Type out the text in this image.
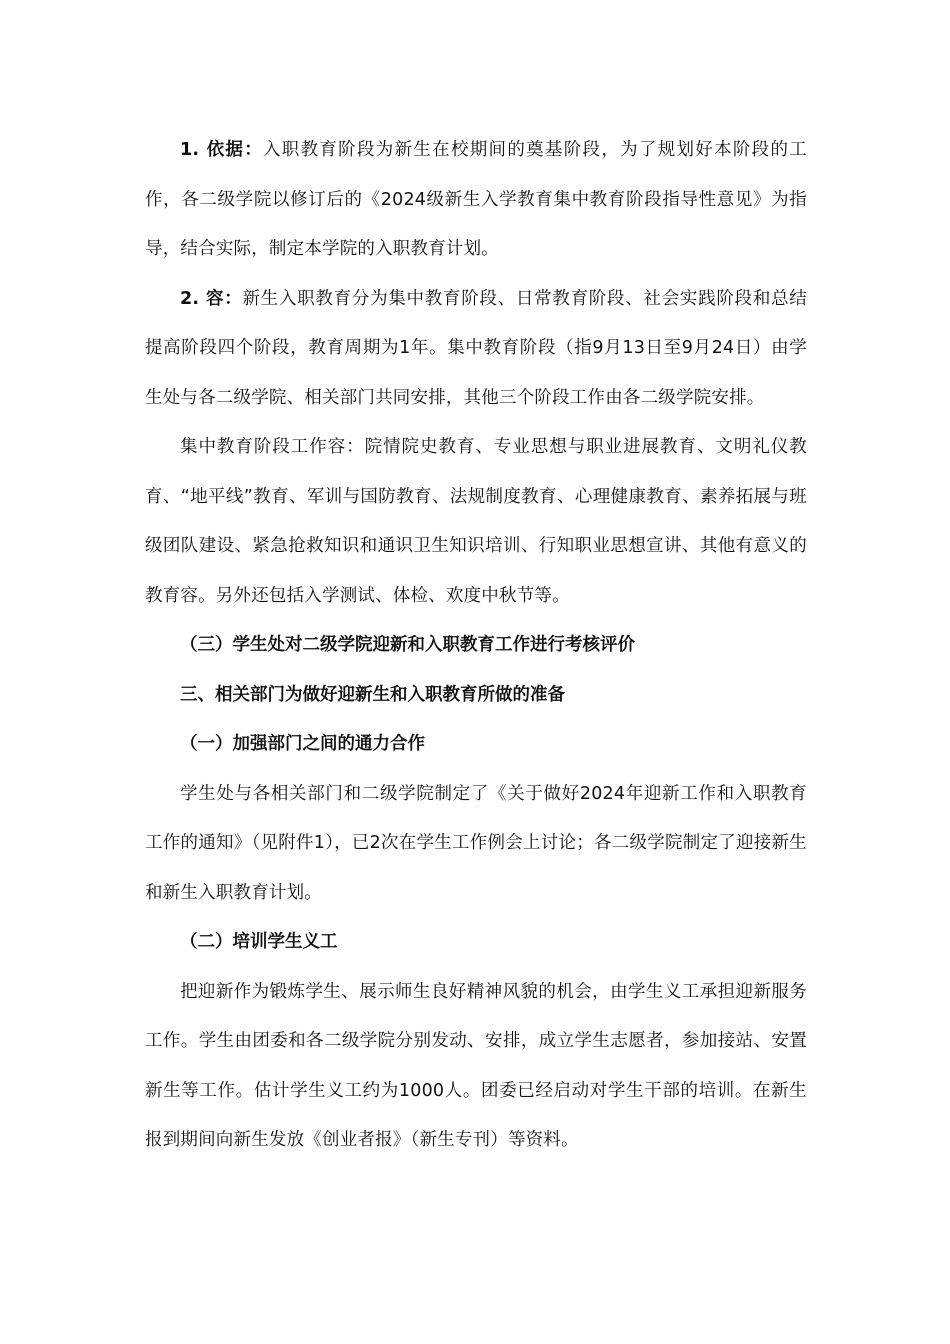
1. 依据：入职教育阶段为新生在校期间的奠基阶段，为了规划好本阶段的工作，各二级学院以修订后的《2024级新生入学教育集中教育阶段指导性意见》为指导，结合实际，制定本学院的入职教育计划。

2. 容：新生入职教育分为集中教育阶段、日常教育阶段、社会实践阶段和总结提高阶段四个阶段，教育周期为1年。集中教育阶段（指9月13日至9月24日）由学生处与各二级学院、相关部门共同安排，其他三个阶段工作由各二级学院安排。

集中教育阶段工作容：院情院史教育、专业思想与职业进展教育、文明礼仪教育、“地平线”教育、军训与国防教育、法规制度教育、心理健康教育、素养拓展与班级团队建设、紧急抢救知识和通识卫生知识培训、行知职业思想宣讲、其他有意义的教育容。另外还包括入学测试、体检、欢度中秋节等。

（三）学生处对二级学院迎新和入职教育工作进行考核评价

三、相关部门为做好迎新生和入职教育所做的准备

（一）加强部门之间的通力合作

学生处与各相关部门和二级学院制定了《关于做好2024年迎新工作和入职教育工作的通知》（见附件1），已2次在学生工作例会上讨论；各二级学院制定了迎接新生和新生入职教育计划。

（二）培训学生义工

把迎新作为锻炼学生、展示师生良好精神风貌的机会，由学生义工承担迎新服务工作。学生由团委和各二级学院分别发动、安排，成立学生志愿者，参加接站、安置新生等工作。估计学生义工约为1000人。团委已经启动对学生干部的培训。在新生报到期间向新生发放《创业者报》（新生专刊）等资料。
